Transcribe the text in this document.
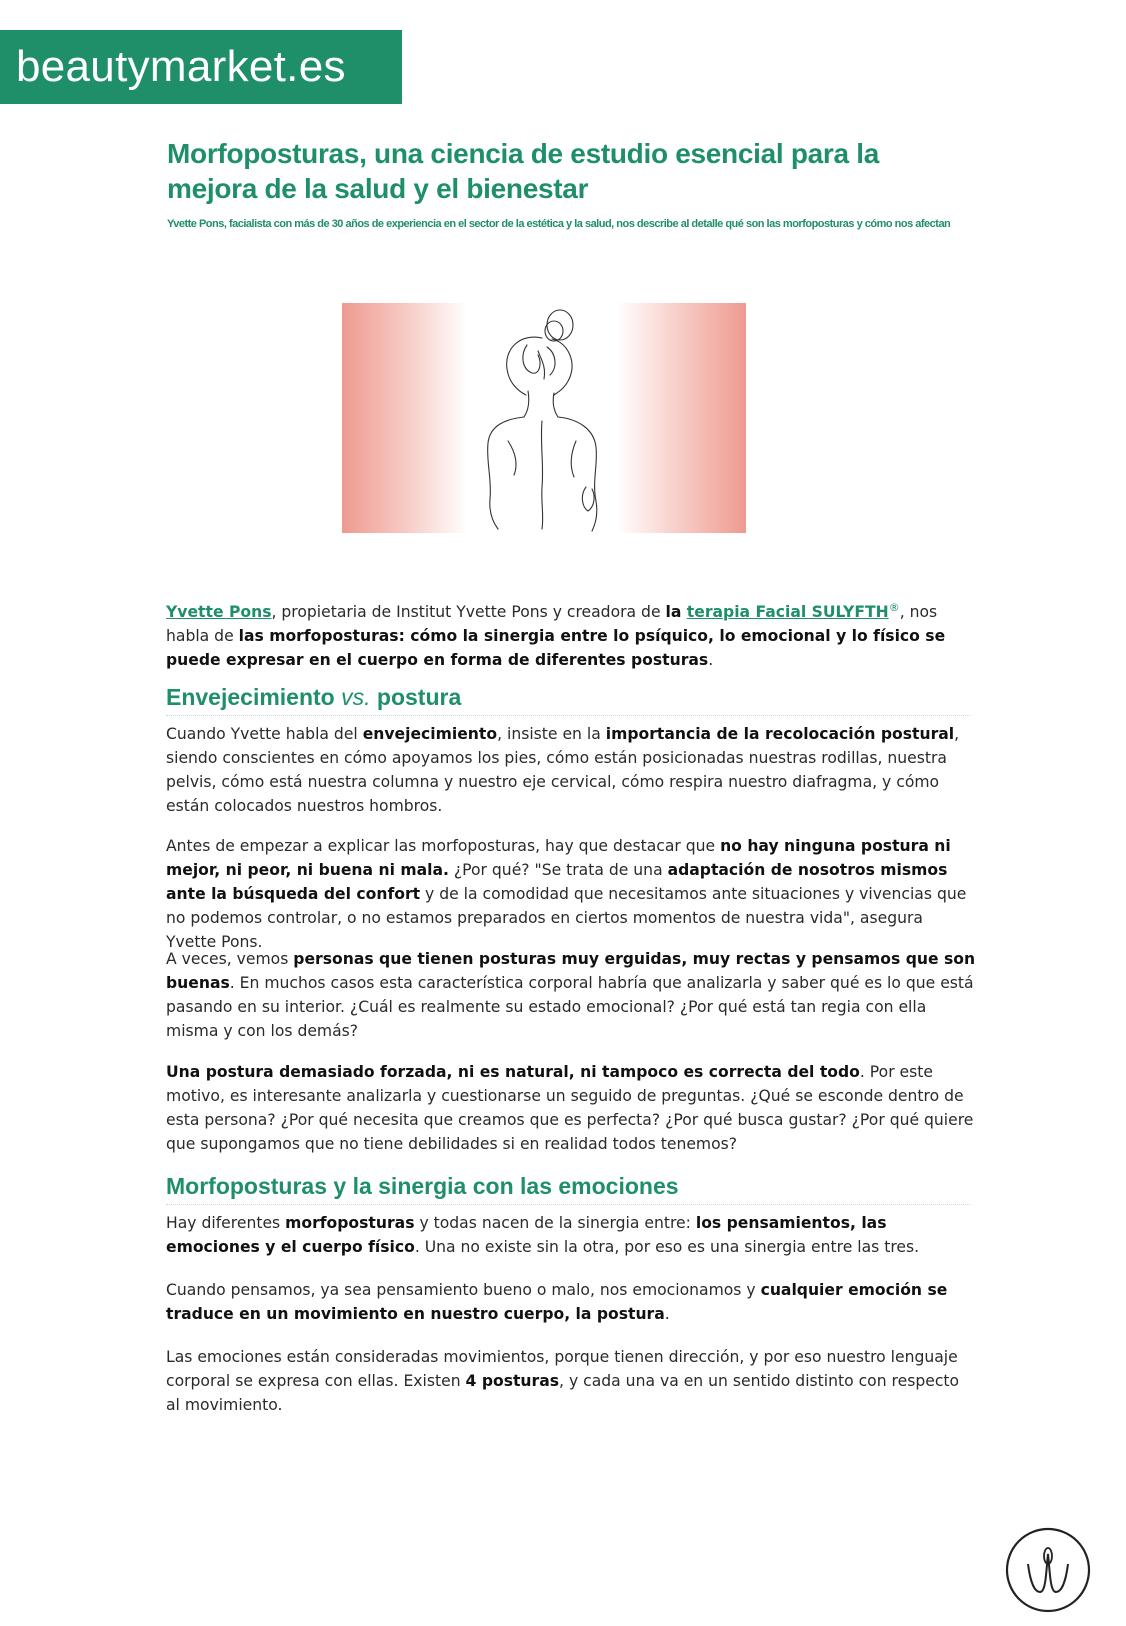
beautymarket.es
Morfoposturas, una ciencia de estudio esencial para la mejora de la salud y el bienestar

Yvette Pons, facialista con más de 30 años de experiencia en el sector de la estética y la salud, nos describe al detalle qué son las morfoposturas y cómo nos afectan

Yvette Pons, propietaria de Institut Yvette Pons y creadora de la terapia Facial SULYFTH®, nos habla de las morfoposturas: cómo la sinergia entre lo psíquico, lo emocional y lo físico se puede expresar en el cuerpo en forma de diferentes posturas.

Envejecimiento vs. postura

Cuando Yvette habla del envejecimiento, insiste en la importancia de la recolocación postural, siendo conscientes en cómo apoyamos los pies, cómo están posicionadas nuestras rodillas, nuestra pelvis, cómo está nuestra columna y nuestro eje cervical, cómo respira nuestro diafragma, y cómo están colocados nuestros hombros.

Antes de empezar a explicar las morfoposturas, hay que destacar que no hay ninguna postura ni mejor, ni peor, ni buena ni mala. ¿Por qué? "Se trata de una adaptación de nosotros mismos ante la búsqueda del confort y de la comodidad que necesitamos ante situaciones y vivencias que no podemos controlar, o no estamos preparados en ciertos momentos de nuestra vida", asegura Yvette Pons.

A veces, vemos personas que tienen posturas muy erguidas, muy rectas y pensamos que son buenas. En muchos casos esta característica corporal habría que analizarla y saber qué es lo que está pasando en su interior. ¿Cuál es realmente su estado emocional? ¿Por qué está tan regia con ella misma y con los demás?

Una postura demasiado forzada, ni es natural, ni tampoco es correcta del todo. Por este motivo, es interesante analizarla y cuestionarse un seguido de preguntas. ¿Qué se esconde dentro de esta persona? ¿Por qué necesita que creamos que es perfecta? ¿Por qué busca gustar? ¿Por qué quiere que supongamos que no tiene debilidades si en realidad todos tenemos?

Morfoposturas y la sinergia con las emociones

Hay diferentes morfoposturas y todas nacen de la sinergia entre: los pensamientos, las emociones y el cuerpo físico. Una no existe sin la otra, por eso es una sinergia entre las tres.

Cuando pensamos, ya sea pensamiento bueno o malo, nos emocionamos y cualquier emoción se traduce en un movimiento en nuestro cuerpo, la postura.

Las emociones están consideradas movimientos, porque tienen dirección, y por eso nuestro lenguaje corporal se expresa con ellas. Existen 4 posturas, y cada una va en un sentido distinto con respecto al movimiento.
